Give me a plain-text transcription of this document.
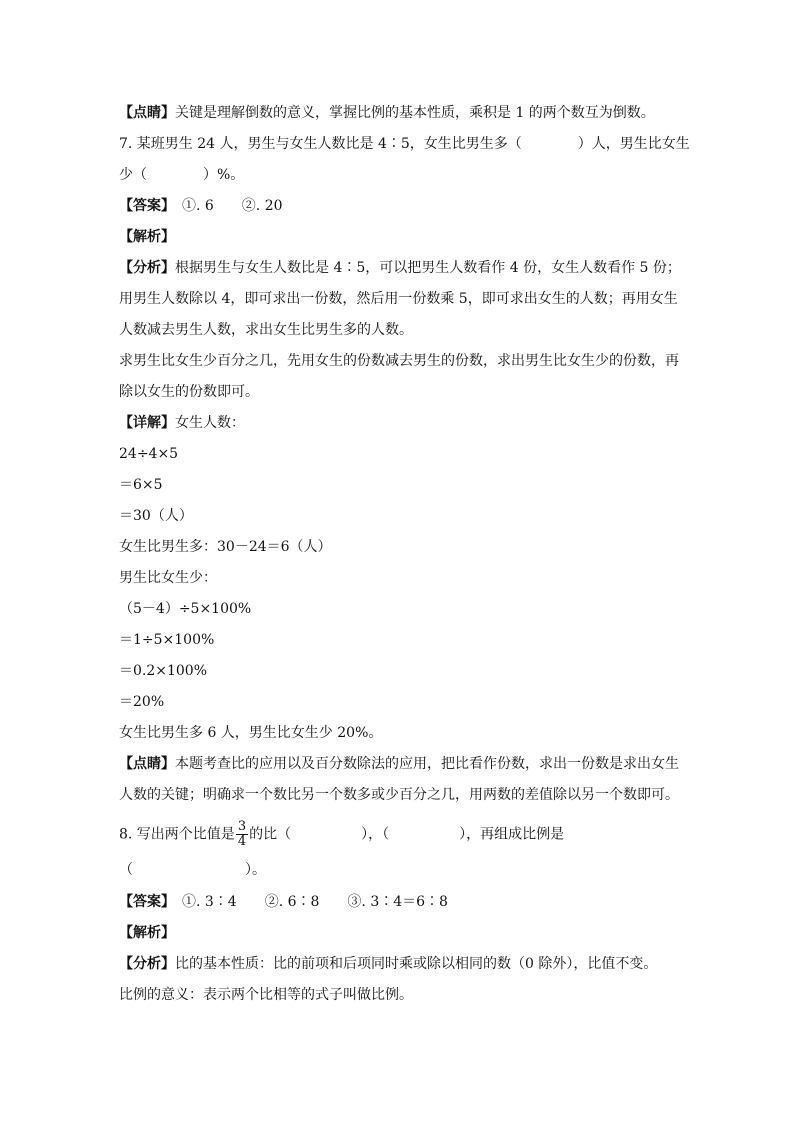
【点睛】关键是理解倒数的意义，掌握比例的基本性质，乘积是 1 的两个数互为倒数。
7. 某班男生 24 人，男生与女生人数比是 4∶5，女生比男生多（　　　　）人，男生比女生
少（　　　　）%。
【答案】　①. 6　　②. 20
【解析】
【分析】根据男生与女生人数比是 4∶5，可以把男生人数看作 4 份，女生人数看作 5 份；
用男生人数除以 4，即可求出一份数，然后用一份数乘 5，即可求出女生的人数；再用女生
人数减去男生人数，求出女生比男生多的人数。
求男生比女生少百分之几，先用女生的份数减去男生的份数，求出男生比女生少的份数，再
除以女生的份数即可。
【详解】女生人数：
24÷4×5
＝6×5
＝30（人）
女生比男生多：30－24＝6（人）
男生比女生少：
（5－4）÷5×100%
＝1÷5×100%
＝0.2×100%
＝20%
女生比男生多 6 人，男生比女生少 20%。
【点睛】本题考查比的应用以及百分数除法的应用，把比看作份数，求出一份数是求出女生
人数的关键；明确求一个数比另一个数多或少百分之几，用两数的差值除以另一个数即可。
8. 写出两个比值是 $\frac{3}{4}$ 的比（　　　　　），（　　　　　），再组成比例是
（　　　　　　　　）。
【答案】　①. 3∶4　　②. 6∶8　　③. 3∶4＝6∶8
【解析】
【分析】比的基本性质：比的前项和后项同时乘或除以相同的数（0 除外），比值不变。
比例的意义：表示两个比相等的式子叫做比例。
